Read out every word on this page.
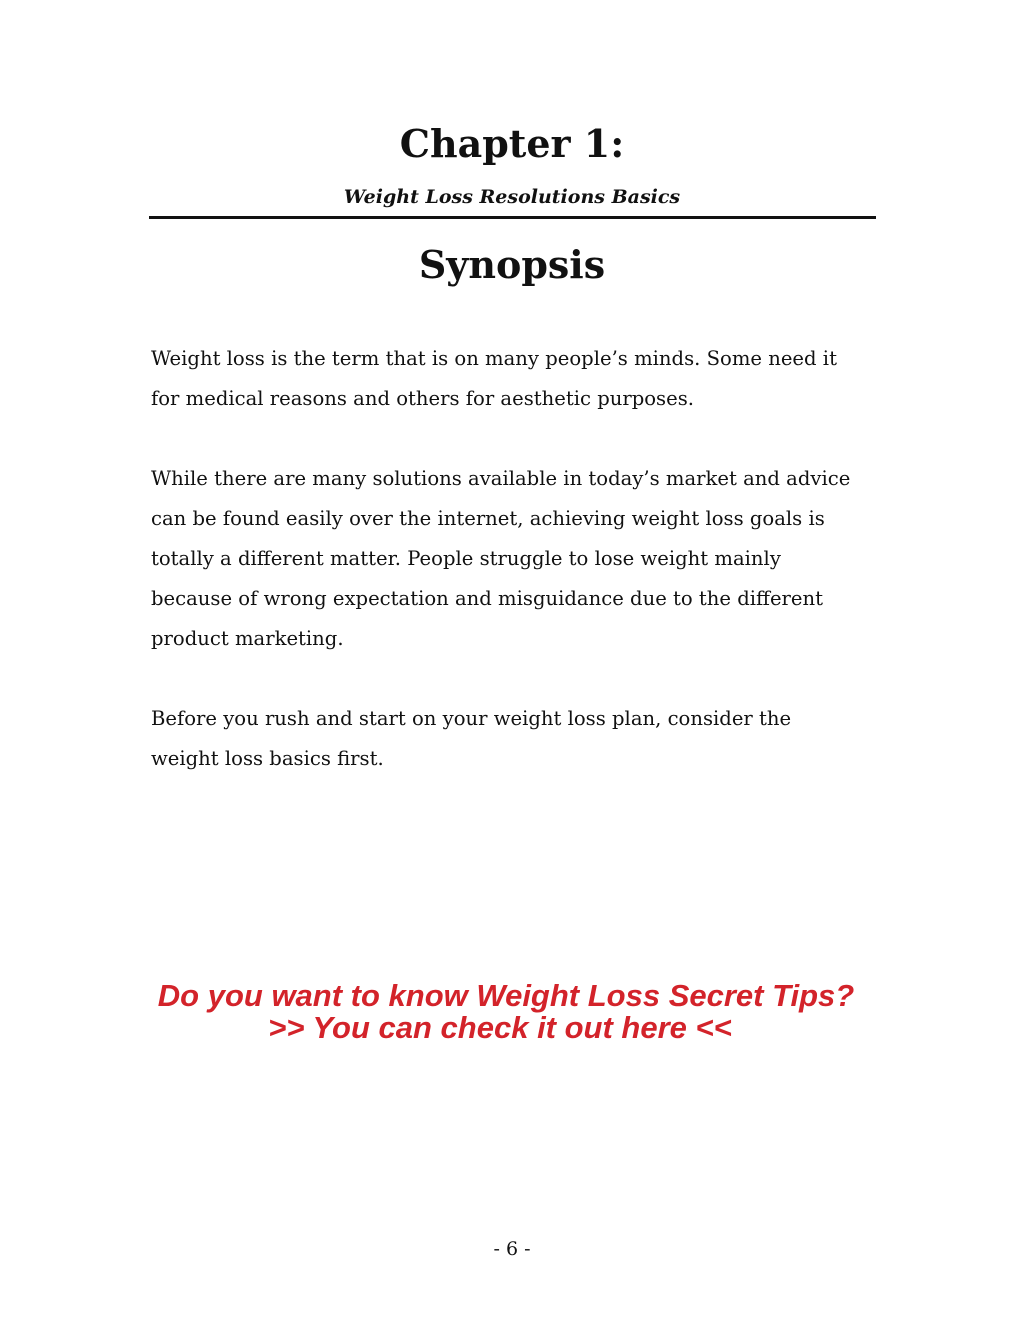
Chapter 1:
Weight Loss Resolutions Basics
Synopsis

Weight loss is the term that is on many people’s minds. Some need it
for medical reasons and others for aesthetic purposes.

While there are many solutions available in today’s market and advice
can be found easily over the internet, achieving weight loss goals is
totally a different matter. People struggle to lose weight mainly
because of wrong expectation and misguidance due to the different
product marketing.

Before you rush and start on your weight loss plan, consider the
weight loss basics first.

Do you want to know Weight Loss Secret Tips?
>> You can check it out here <<
- 6 -
